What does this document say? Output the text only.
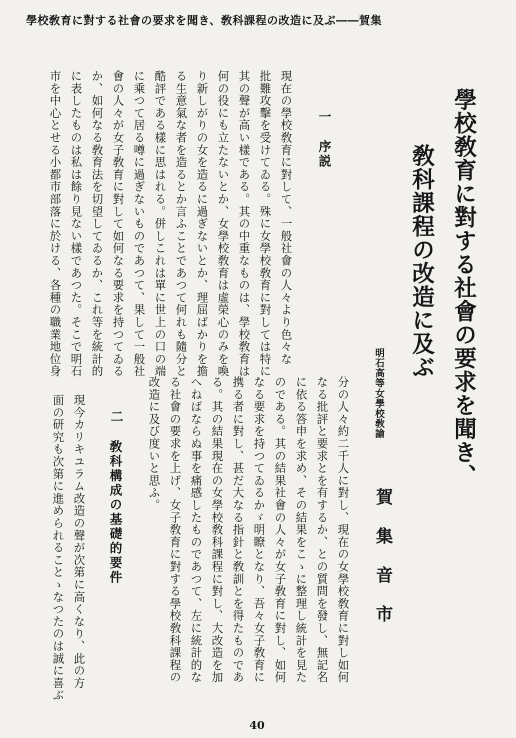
學校敎育に對する社會の要求を聞き、敎科課程の改造に及ぶ――賀集
學校敎育に對する社會の要求を聞き、
敎科課程の改造に及ぶ
明石高等女學校敎諭
賀集音市
一
序説
現在の學校敎育に對して、一般社會の人々より色々な
批難攻擊を受けてゐる。殊に女學校敎育に對しては特に
其の聲が高い樣である。其の中重なものは、學校敎育は
何の役にも立たないとか、女學校敎育は虛榮心のみを喚
り新しがりの女を造るに過ぎないとか、理屈ばかりを擔
る生意氣な者を造るとか言ふことであつて何れも隨分と
酷評である樣に思はれる。併しこれは單に世上の口の端
に乘つて居る噂に過ぎないものであつて、果して一般社
會の人々が女子敎育に對して如何なる要求を持つてゐる
か、如何なる敎育法を切望してゐるか、これ等を統計的
に表したものは私は餘り見ない樣であつた。そこで明石
市を中心とせる小都市部落に於ける、各種の職業地位身
分の人々約二千人に對し、現在の女學校敎育に對し如何
なる批評と要求とを有するか、との質問を發し、無記名
に依る答申を求め、その結果をこゝに整理し統計を見た
のである。其の結果社會の人々が女子敎育に對し、如何
なる要求を持つてゐるかゞ明瞭となり、吾々女子敎育に
携る者に對し、甚だ大なる指針と敎訓とを得たものであ
る。其の結果現在の女學校敎科課程に對し、大改造を加
へねばならぬ事を痛感したものであつて、左に統計的な
る社會の要求を上げ、女子敎育に對する學校敎科課程の
改造に及び度いと思ふ。
二
敎科構成の基礎的要件
現今カリキユラム改造の聲が次第に高くなり、此の方
面の研究も次第に進められることゝなつたのは誠に喜ぶ
40
